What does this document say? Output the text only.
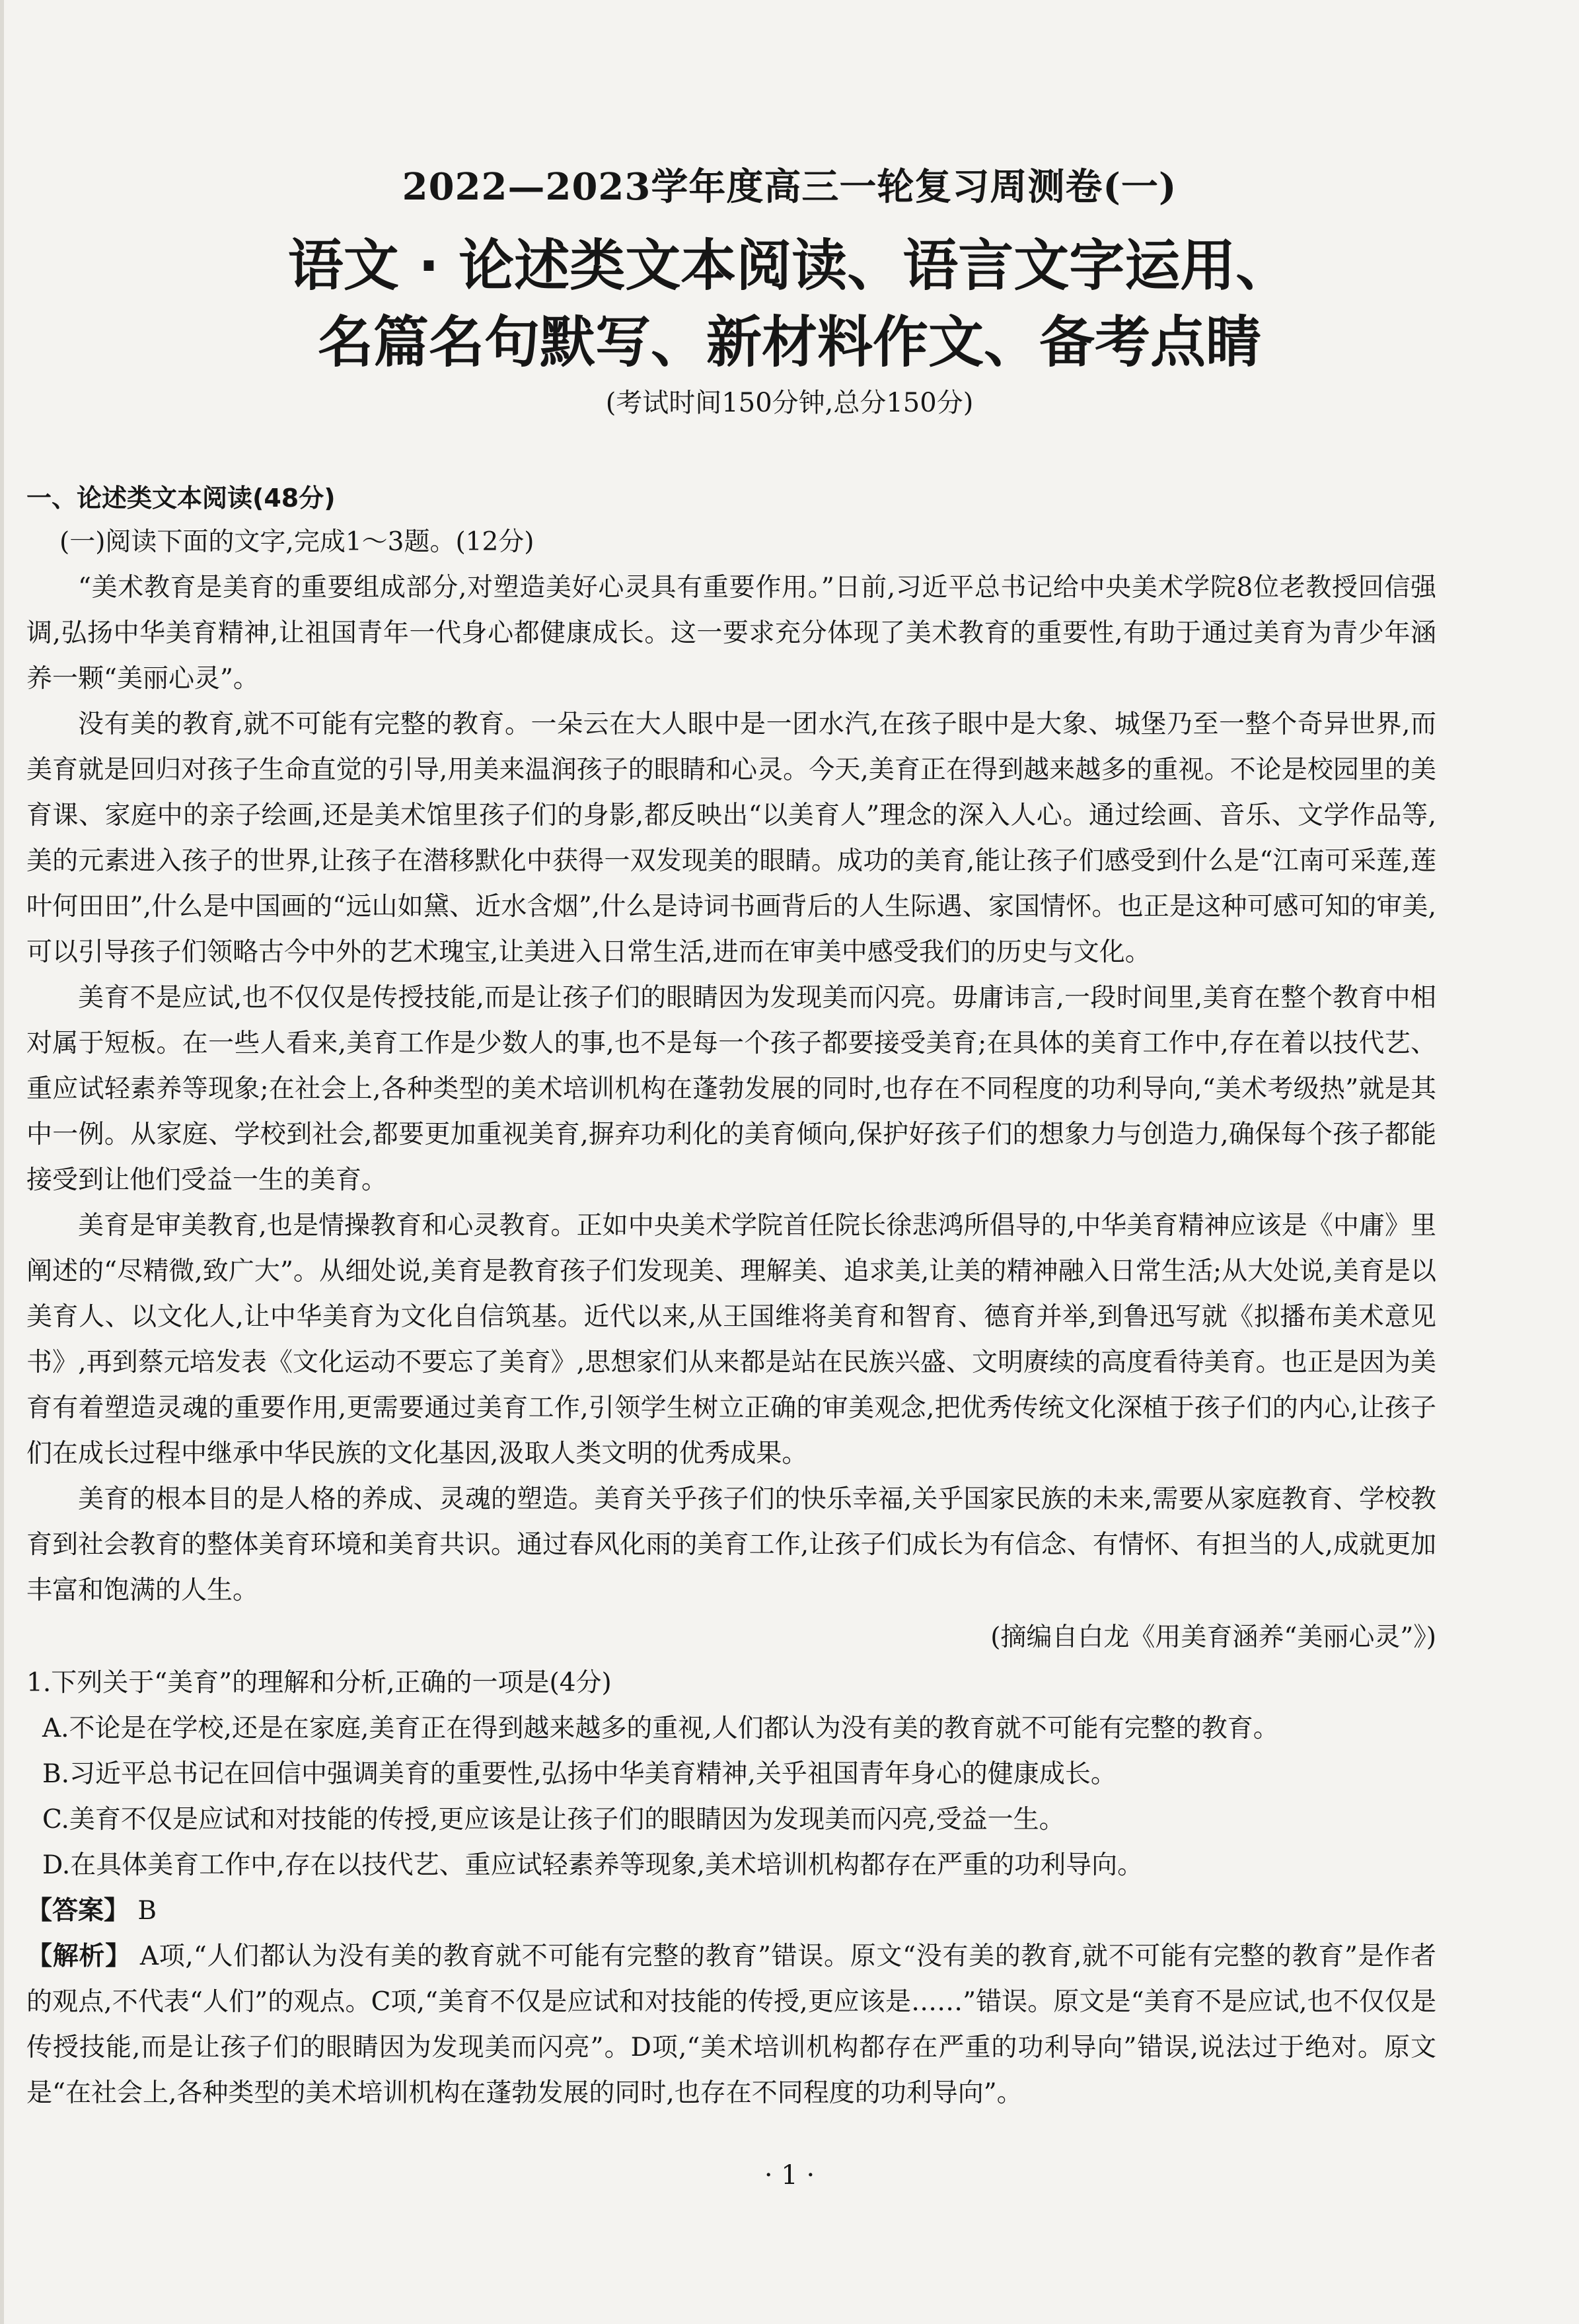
2022—2023学年度高三一轮复习周测卷(一)
语文 · 论述类文本阅读、语言文字运用、
名篇名句默写、新材料作文、备考点睛
(考试时间150分钟,总分150分)

一、论述类文本阅读(48分)

(一)阅读下面的文字,完成1～3题。(12分)

“美术教育是美育的重要组成部分,对塑造美好心灵具有重要作用。”日前,习近平总书记给中央美术学院8位老教授回信强调,弘扬中华美育精神,让祖国青年一代身心都健康成长。这一要求充分体现了美术教育的重要性,有助于通过美育为青少年涵养一颗“美丽心灵”。

没有美的教育,就不可能有完整的教育。一朵云在大人眼中是一团水汽,在孩子眼中是大象、城堡乃至一整个奇异世界,而美育就是回归对孩子生命直觉的引导,用美来温润孩子的眼睛和心灵。今天,美育正在得到越来越多的重视。不论是校园里的美育课、家庭中的亲子绘画,还是美术馆里孩子们的身影,都反映出“以美育人”理念的深入人心。通过绘画、音乐、文学作品等,美的元素进入孩子的世界,让孩子在潜移默化中获得一双发现美的眼睛。成功的美育,能让孩子们感受到什么是“江南可采莲,莲叶何田田”,什么是中国画的“远山如黛、近水含烟”,什么是诗词书画背后的人生际遇、家国情怀。也正是这种可感可知的审美,可以引导孩子们领略古今中外的艺术瑰宝,让美进入日常生活,进而在审美中感受我们的历史与文化。

美育不是应试,也不仅仅是传授技能,而是让孩子们的眼睛因为发现美而闪亮。毋庸讳言,一段时间里,美育在整个教育中相对属于短板。在一些人看来,美育工作是少数人的事,也不是每一个孩子都要接受美育;在具体的美育工作中,存在着以技代艺、重应试轻素养等现象;在社会上,各种类型的美术培训机构在蓬勃发展的同时,也存在不同程度的功利导向,“美术考级热”就是其中一例。从家庭、学校到社会,都要更加重视美育,摒弃功利化的美育倾向,保护好孩子们的想象力与创造力,确保每个孩子都能接受到让他们受益一生的美育。

美育是审美教育,也是情操教育和心灵教育。正如中央美术学院首任院长徐悲鸿所倡导的,中华美育精神应该是《中庸》里阐述的“尽精微,致广大”。从细处说,美育是教育孩子们发现美、理解美、追求美,让美的精神融入日常生活;从大处说,美育是以美育人、以文化人,让中华美育为文化自信筑基。近代以来,从王国维将美育和智育、德育并举,到鲁迅写就《拟播布美术意见书》,再到蔡元培发表《文化运动不要忘了美育》,思想家们从来都是站在民族兴盛、文明赓续的高度看待美育。也正是因为美育有着塑造灵魂的重要作用,更需要通过美育工作,引领学生树立正确的审美观念,把优秀传统文化深植于孩子们的内心,让孩子们在成长过程中继承中华民族的文化基因,汲取人类文明的优秀成果。

美育的根本目的是人格的养成、灵魂的塑造。美育关乎孩子们的快乐幸福,关乎国家民族的未来,需要从家庭教育、学校教育到社会教育的整体美育环境和美育共识。通过春风化雨的美育工作,让孩子们成长为有信念、有情怀、有担当的人,成就更加丰富和饱满的人生。

(摘编自白龙《用美育涵养“美丽心灵”》)

1.下列关于“美育”的理解和分析,正确的一项是(4分)

A.不论是在学校,还是在家庭,美育正在得到越来越多的重视,人们都认为没有美的教育就不可能有完整的教育。

B.习近平总书记在回信中强调美育的重要性,弘扬中华美育精神,关乎祖国青年身心的健康成长。

C.美育不仅是应试和对技能的传授,更应该是让孩子们的眼睛因为发现美而闪亮,受益一生。

D.在具体美育工作中,存在以技代艺、重应试轻素养等现象,美术培训机构都存在严重的功利导向。

【答案】 B

【解析】 A项,“人们都认为没有美的教育就不可能有完整的教育”错误。原文“没有美的教育,就不可能有完整的教育”是作者的观点,不代表“人们”的观点。C项,“美育不仅是应试和对技能的传授,更应该是……”错误。原文是“美育不是应试,也不仅仅是传授技能,而是让孩子们的眼睛因为发现美而闪亮”。D项,“美术培训机构都存在严重的功利导向”错误,说法过于绝对。原文是“在社会上,各种类型的美术培训机构在蓬勃发展的同时,也存在不同程度的功利导向”。

· 1 ·
